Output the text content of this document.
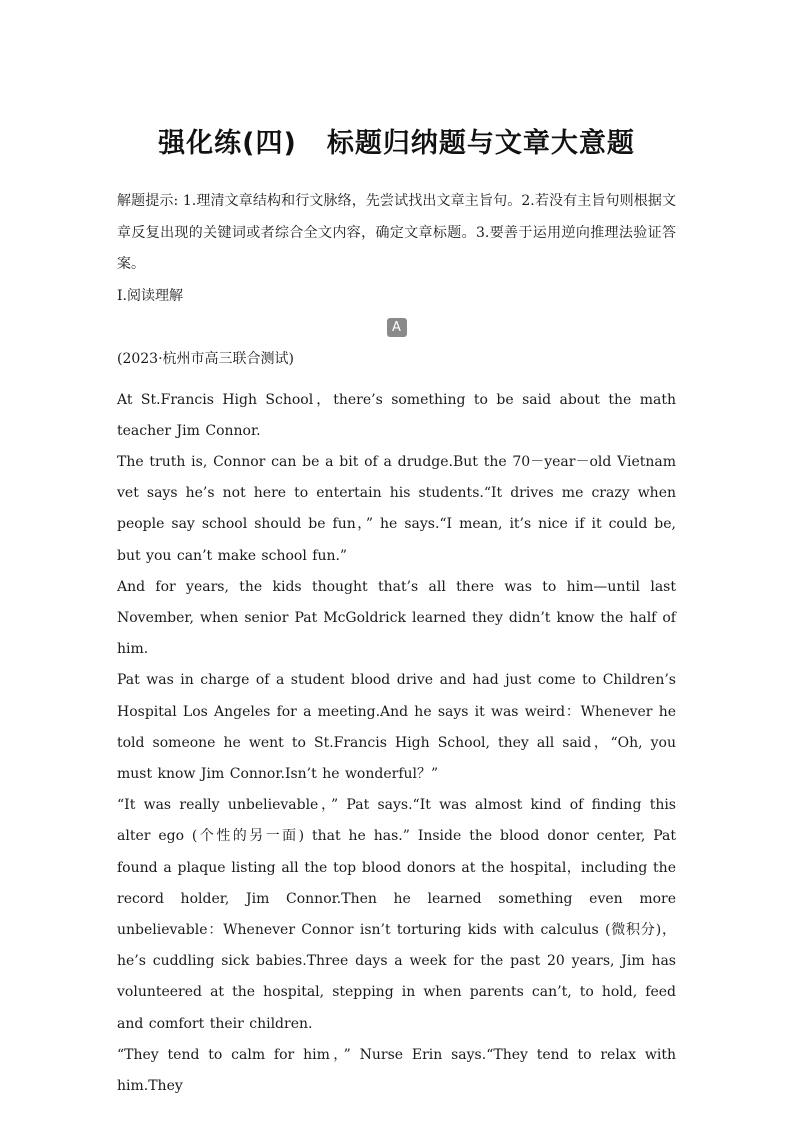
强化练(四) 标题归纳题与文章大意题

解题提示: 1.理清文章结构和行文脉络，先尝试找出文章主旨句。2.若没有主旨句则根据文章反复出现的关键词或者综合全文内容，确定文章标题。3.要善于运用逆向推理法验证答案。

Ⅰ.阅读理解

A

(2023·杭州市高三联合测试)

At St.Francis High School，there’s something to be said about the math teacher Jim Connor.

The truth is, Connor can be a bit of a drudge.But the 70－year－old Vietnam vet says he’s not here to entertain his students.“It drives me crazy when people say school should be fun，” he says.“I mean, it’s nice if it could be, but you can’t make school fun.”

And for years, the kids thought that’s all there was to him—until last November, when senior Pat McGoldrick learned they didn’t know the half of him.

Pat was in charge of a student blood drive and had just come to Children’s Hospital Los Angeles for a meeting.And he says it was weird：Whenever he told someone he went to St.Francis High School, they all said，“Oh, you must know Jim Connor.Isn’t he wonderful？”

“It was really unbelievable，” Pat says.“It was almost kind of finding this alter ego (个性的另一面) that he has.” Inside the blood donor center, Pat found a plaque listing all the top blood donors at the hospital，including the record holder, Jim Connor.Then he learned something even more unbelievable：Whenever Connor isn’t torturing kids with calculus (微积分)，he’s cuddling sick babies.Three days a week for the past 20 years, Jim has volunteered at the hospital, stepping in when parents can’t, to hold, feed and comfort their children.

“They tend to calm for him，” Nurse Erin says.“They tend to relax with him.They
